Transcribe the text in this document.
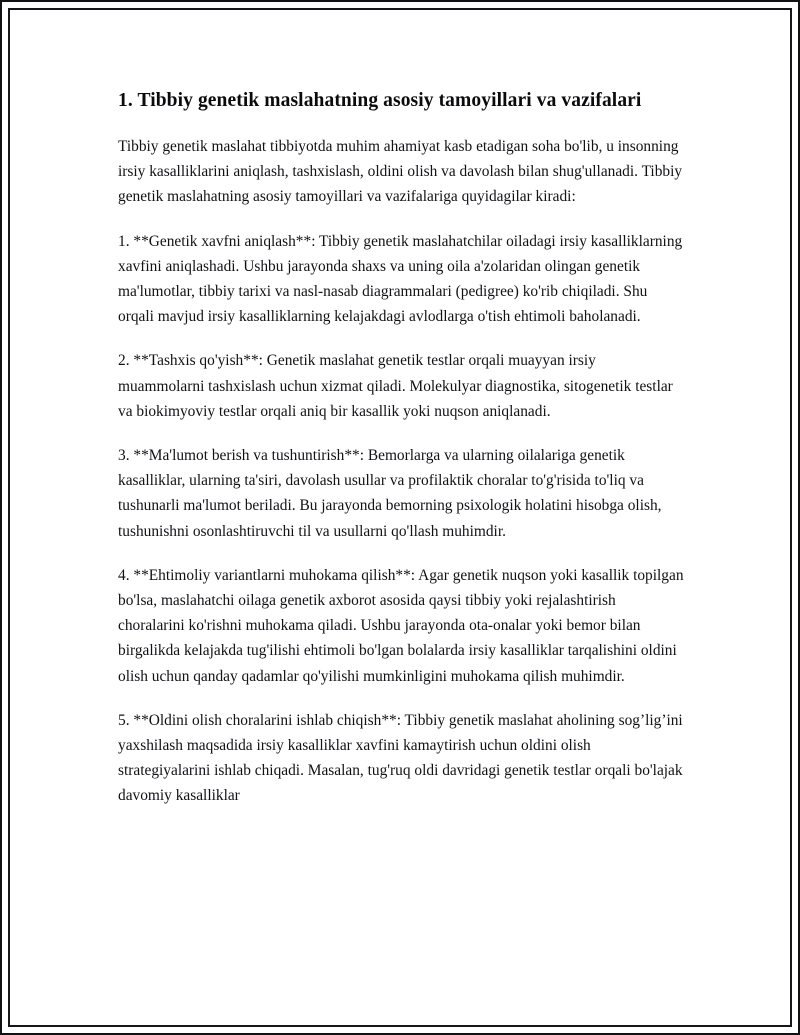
1. Tibbiy genetik maslahatning asosiy tamoyillari va vazifalari

Tibbiy genetik maslahat tibbiyotda muhim ahamiyat kasb etadigan soha bo'lib, u insonning irsiy kasalliklarini aniqlash, tashxislash, oldini olish va davolash bilan shug'ullanadi. Tibbiy genetik maslahatning asosiy tamoyillari va vazifalariga quyidagilar kiradi:

1. **Genetik xavfni aniqlash**: Tibbiy genetik maslahatchilar oiladagi irsiy kasalliklarning xavfini aniqlashadi. Ushbu jarayonda shaxs va uning oila a'zolaridan olingan genetik ma'lumotlar, tibbiy tarixi va nasl-nasab diagrammalari (pedigree) ko'rib chiqiladi. Shu orqali mavjud irsiy kasalliklarning kelajakdagi avlodlarga o'tish ehtimoli baholanadi.

2. **Tashxis qo'yish**: Genetik maslahat genetik testlar orqali muayyan irsiy muammolarni tashxislash uchun xizmat qiladi. Molekulyar diagnostika, sitogenetik testlar va biokimyoviy testlar orqali aniq bir kasallik yoki nuqson aniqlanadi.

3. **Ma'lumot berish va tushuntirish**: Bemorlarga va ularning oilalariga genetik kasalliklar, ularning ta'siri, davolash usullar va profilaktik choralar to'g'risida to'liq va tushunarli ma'lumot beriladi. Bu jarayonda bemorning psixologik holatini hisobga olish, tushunishni osonlashtiruvchi til va usullarni qo'llash muhimdir.

4. **Ehtimoliy variantlarni muhokama qilish**: Agar genetik nuqson yoki kasallik topilgan bo'lsa, maslahatchi oilaga genetik axborot asosida qaysi tibbiy yoki rejalashtirish choralarini ko'rishni muhokama qiladi. Ushbu jarayonda ota-onalar yoki bemor bilan birgalikda kelajakda tug'ilishi ehtimoli bo'lgan bolalarda irsiy kasalliklar tarqalishini oldini olish uchun qanday qadamlar qo'yilishi mumkinligini muhokama qilish muhimdir.

5. **Oldini olish choralarini ishlab chiqish**: Tibbiy genetik maslahat aholining sog’lig’ini yaxshilash maqsadida irsiy kasalliklar xavfini kamaytirish uchun oldini olish strategiyalarini ishlab chiqadi. Masalan, tug'ruq oldi davridagi genetik testlar orqali bo'lajak davomiy kasalliklar
